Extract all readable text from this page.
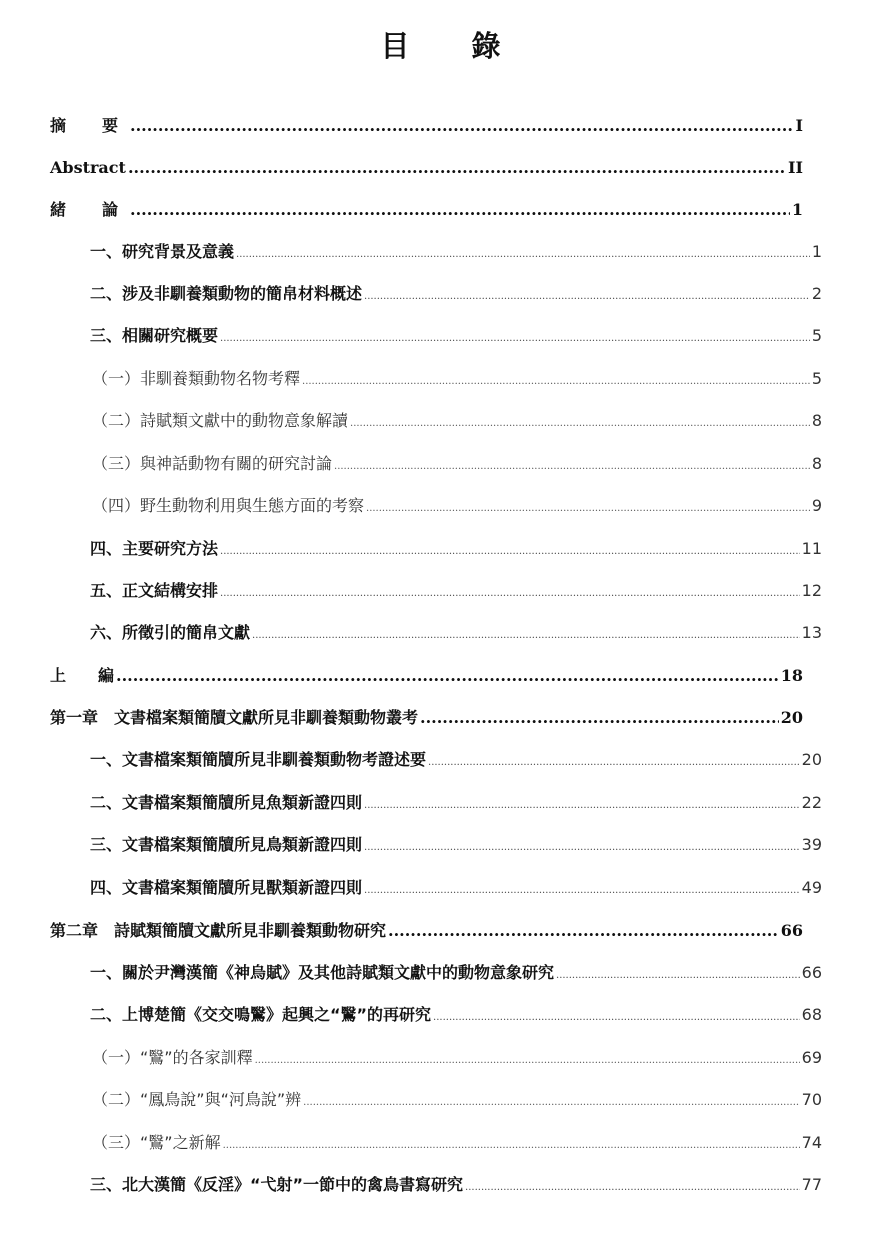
目 錄
摘　要 .....	I
Abstract .....	II
緒　論 .....	1
一、研究背景及意義 .....	1
二、涉及非馴養類動物的簡帛材料概述 .....	2
三、相關研究概要 .....	5
（一）非馴養類動物名物考釋 .....	5
（二）詩賦類文獻中的動物意象解讀 .....	8
（三）與神話動物有關的研究討論 .....	8
（四）野生動物利用與生態方面的考察 .....	9
四、主要研究方法 .....	11
五、正文結構安排 .....	12
六、所徵引的簡帛文獻 .....	13
上　　編 .....	18
第一章　文書檔案類簡牘文獻所見非馴養類動物叢考 .....	20
一、文書檔案類簡牘所見非馴養類動物考證述要 .....	20
二、文書檔案類簡牘所見魚類新證四則 .....	22
三、文書檔案類簡牘所見鳥類新證四則 .....	39
四、文書檔案類簡牘所見獸類新證四則 .....	49
第二章　詩賦類簡牘文獻所見非馴養類動物研究 .....	66
一、關於尹灣漢簡《神烏賦》及其他詩賦類文獻中的動物意象研究 .....	66
二、上博楚簡《交交鳴鷖》起興之“鷖”的再研究 .....	68
（一）“鷖”的各家訓釋 .....	69
（二）“鳳鳥說”與“河鳥說”辨 .....	70
（三）“鷖”之新解 .....	74
三、北大漢簡《反淫》“弋射”一節中的禽鳥書寫研究 .....	77
